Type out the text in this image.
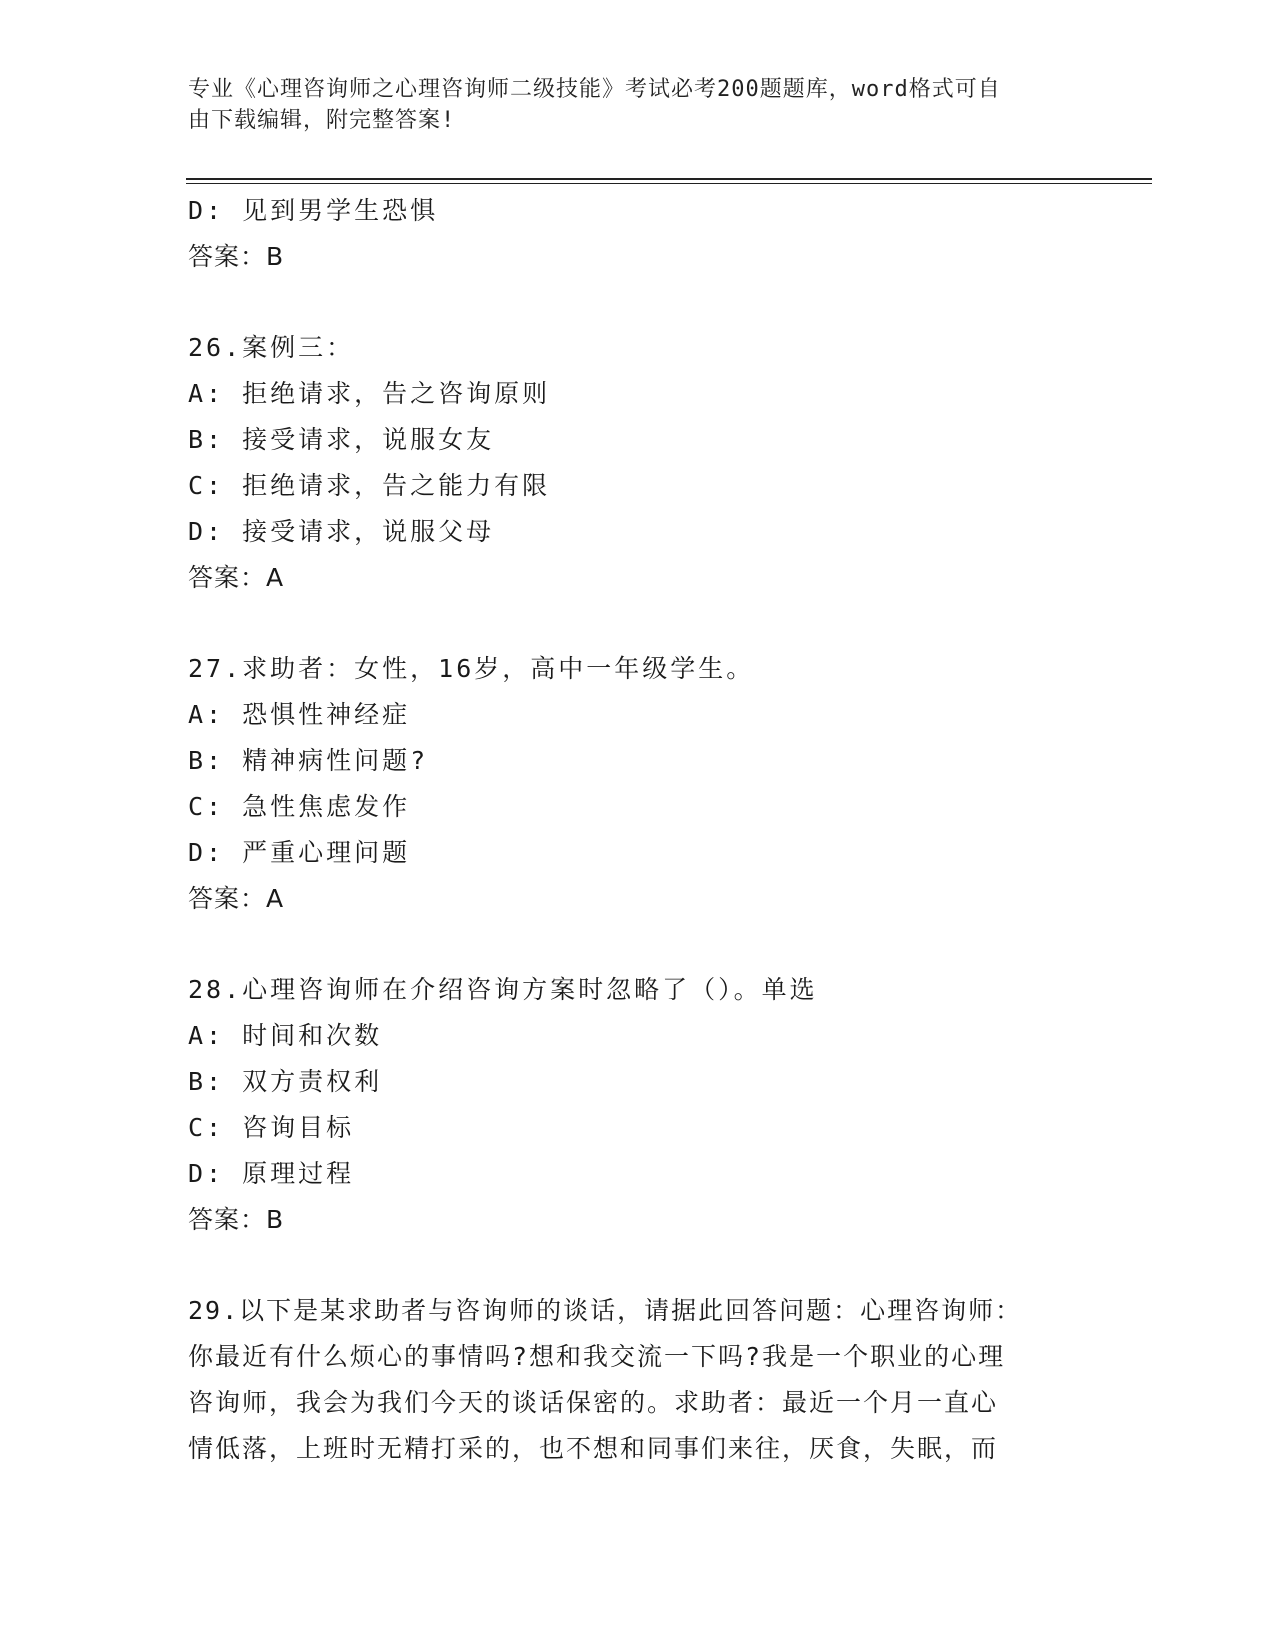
专业《心理咨询师之心理咨询师二级技能》考试必考200题题库，word格式可自
由下载编辑，附完整答案!
D: 见到男学生恐惧
答案：B
26.案例三：
A: 拒绝请求，告之咨询原则
B: 接受请求，说服女友
C: 拒绝请求，告之能力有限
D: 接受请求，说服父母
答案：A
27.求助者：女性，16岁，高中一年级学生。
A: 恐惧性神经症
B: 精神病性问题?
C: 急性焦虑发作
D: 严重心理问题
答案：A
28.心理咨询师在介绍咨询方案时忽略了（）。单选
A: 时间和次数
B: 双方责权利
C: 咨询目标
D: 原理过程
答案：B
29.以下是某求助者与咨询师的谈话，请据此回答问题：心理咨询师：
你最近有什么烦心的事情吗?想和我交流一下吗?我是一个职业的心理
咨询师，我会为我们今天的谈话保密的。求助者：最近一个月一直心
情低落，上班时无精打采的，也不想和同事们来往，厌食，失眠，而
